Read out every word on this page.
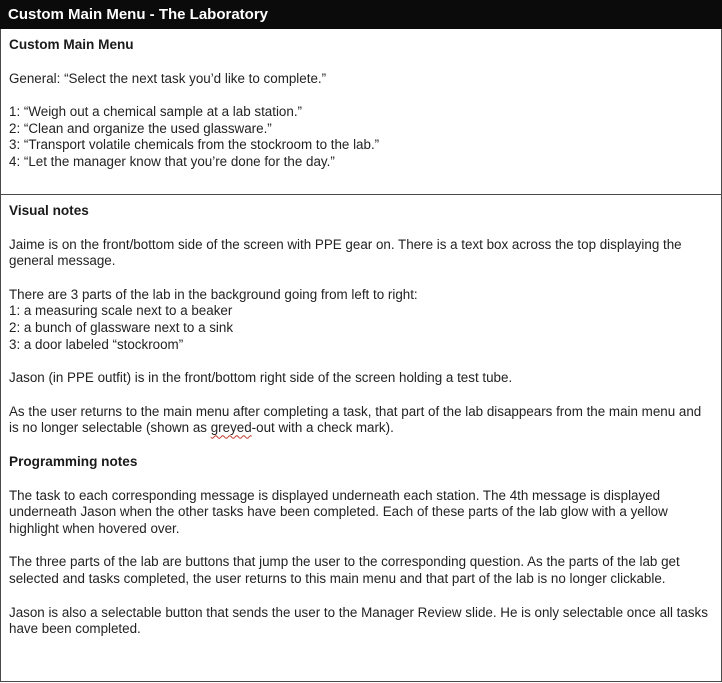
Custom Main Menu - The Laboratory
Custom Main Menu

General: “Select the next task you’d like to complete.”

1: “Weigh out a chemical sample at a lab station.”
2: “Clean and organize the used glassware.”
3: “Transport volatile chemicals from the stockroom to the lab.”
4: “Let the manager know that you’re done for the day.”
Visual notes

Jaime is on the front/bottom side of the screen with PPE gear on. There is a text box across the top displaying the general message.

There are 3 parts of the lab in the background going from left to right:
1: a measuring scale next to a beaker
2: a bunch of glassware next to a sink

3: a door labeled “stockroom”

Jason (in PPE outfit) is in the front/bottom right side of the screen holding a test tube.

As the user returns to the main menu after completing a task, that part of the lab disappears from the main menu and is no longer selectable (shown as greyed-out with a check mark).

Programming notes

The task to each corresponding message is displayed underneath each station. The 4th message is displayed underneath Jason when the other tasks have been completed. Each of these parts of the lab glow with a yellow highlight when hovered over.

The three parts of the lab are buttons that jump the user to the corresponding question. As the parts of the lab get selected and tasks completed, the user returns to this main menu and that part of the lab is no longer clickable.

Jason is also a selectable button that sends the user to the Manager Review slide. He is only selectable once all tasks have been completed.
